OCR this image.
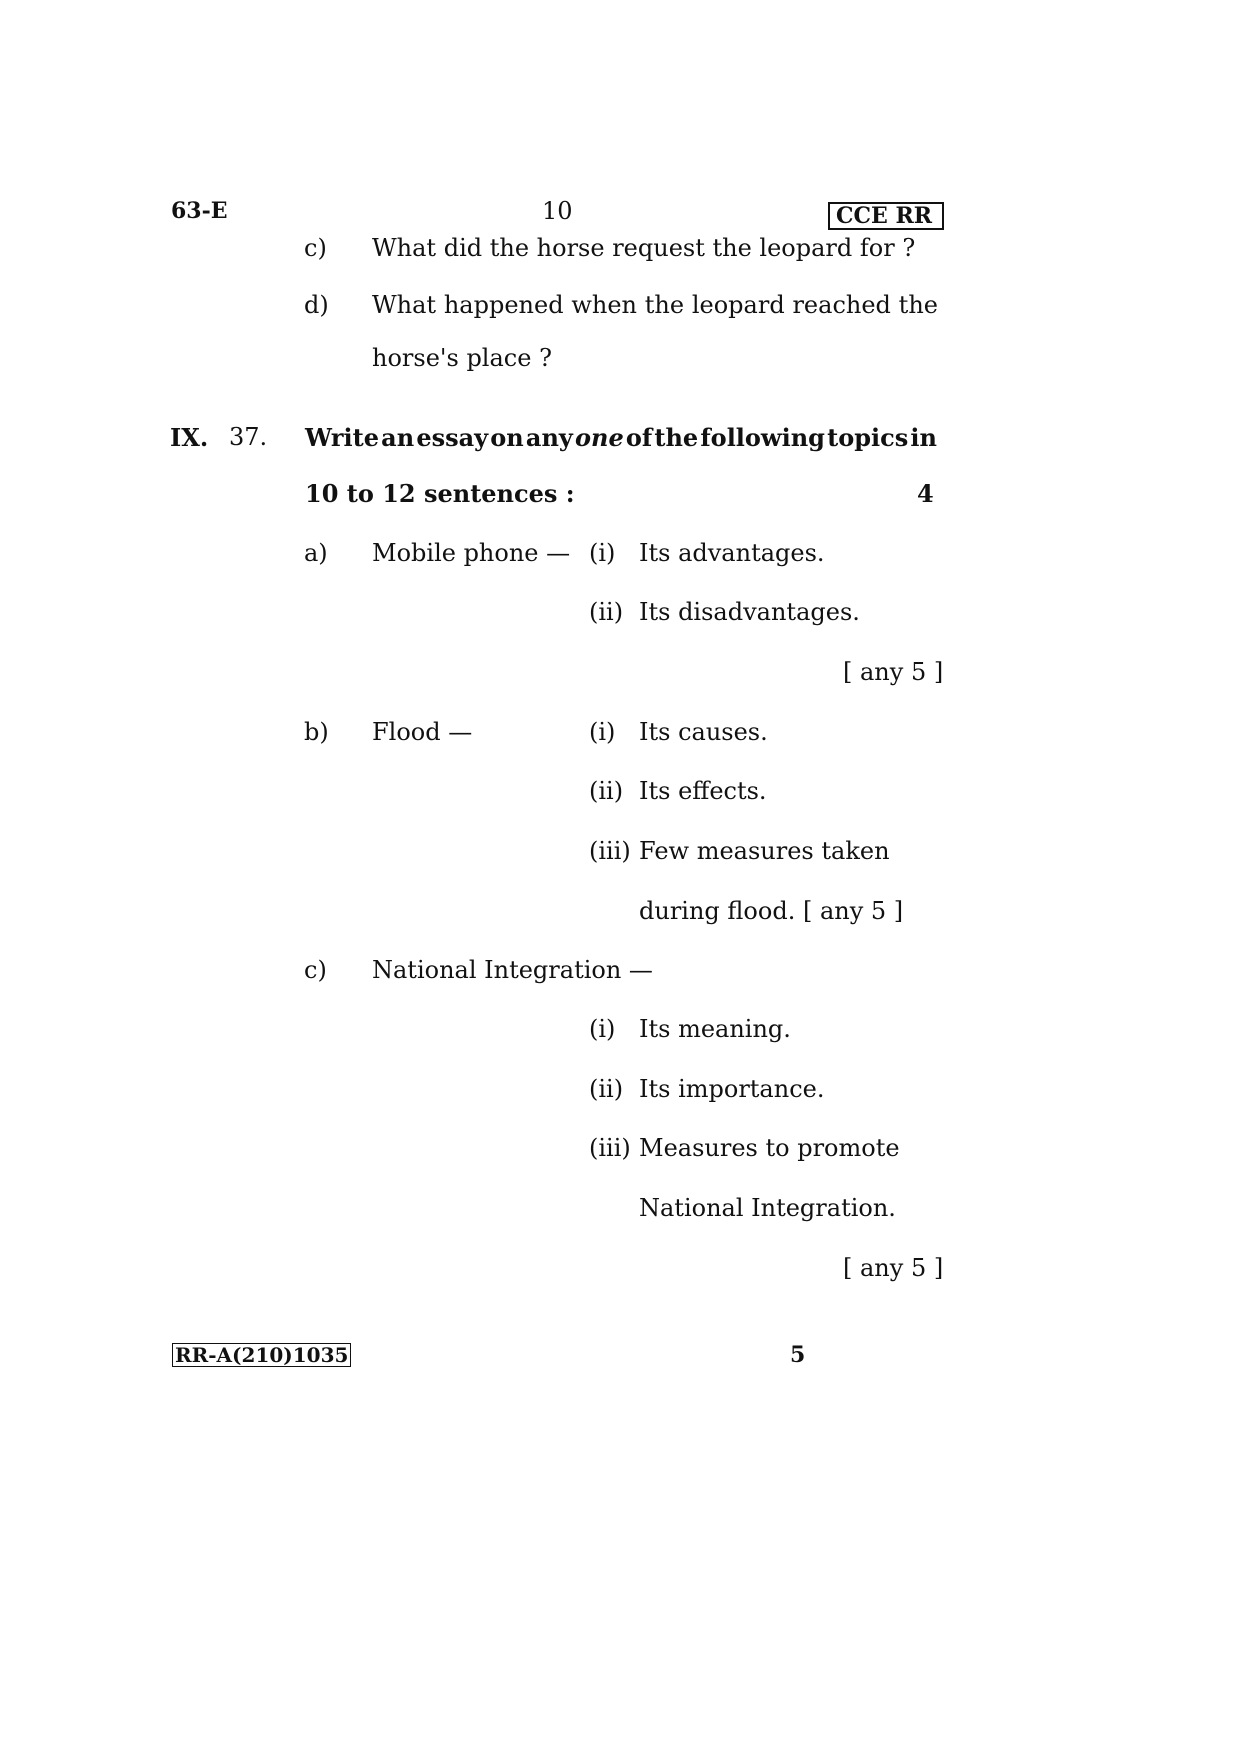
63-E	10	CCE RR
c) What did the horse request the leopard for ?
d) What happened when the leopard reached the
horse's place ?
IX. 37. Write an essay on any one of the following topics in
10 to 12 sentences :	4
a) Mobile phone — (i) Its advantages.
(ii) Its disadvantages.
[ any 5 ]
b) Flood —	(i) Its causes.
(ii) Its effects.
(iii) Few measures taken
during flood. [ any 5 ]
c) National Integration —
(i) Its meaning.
(ii) Its importance.
(iii) Measures to promote
National Integration.
[ any 5 ]
RR-A(210)1035	5
